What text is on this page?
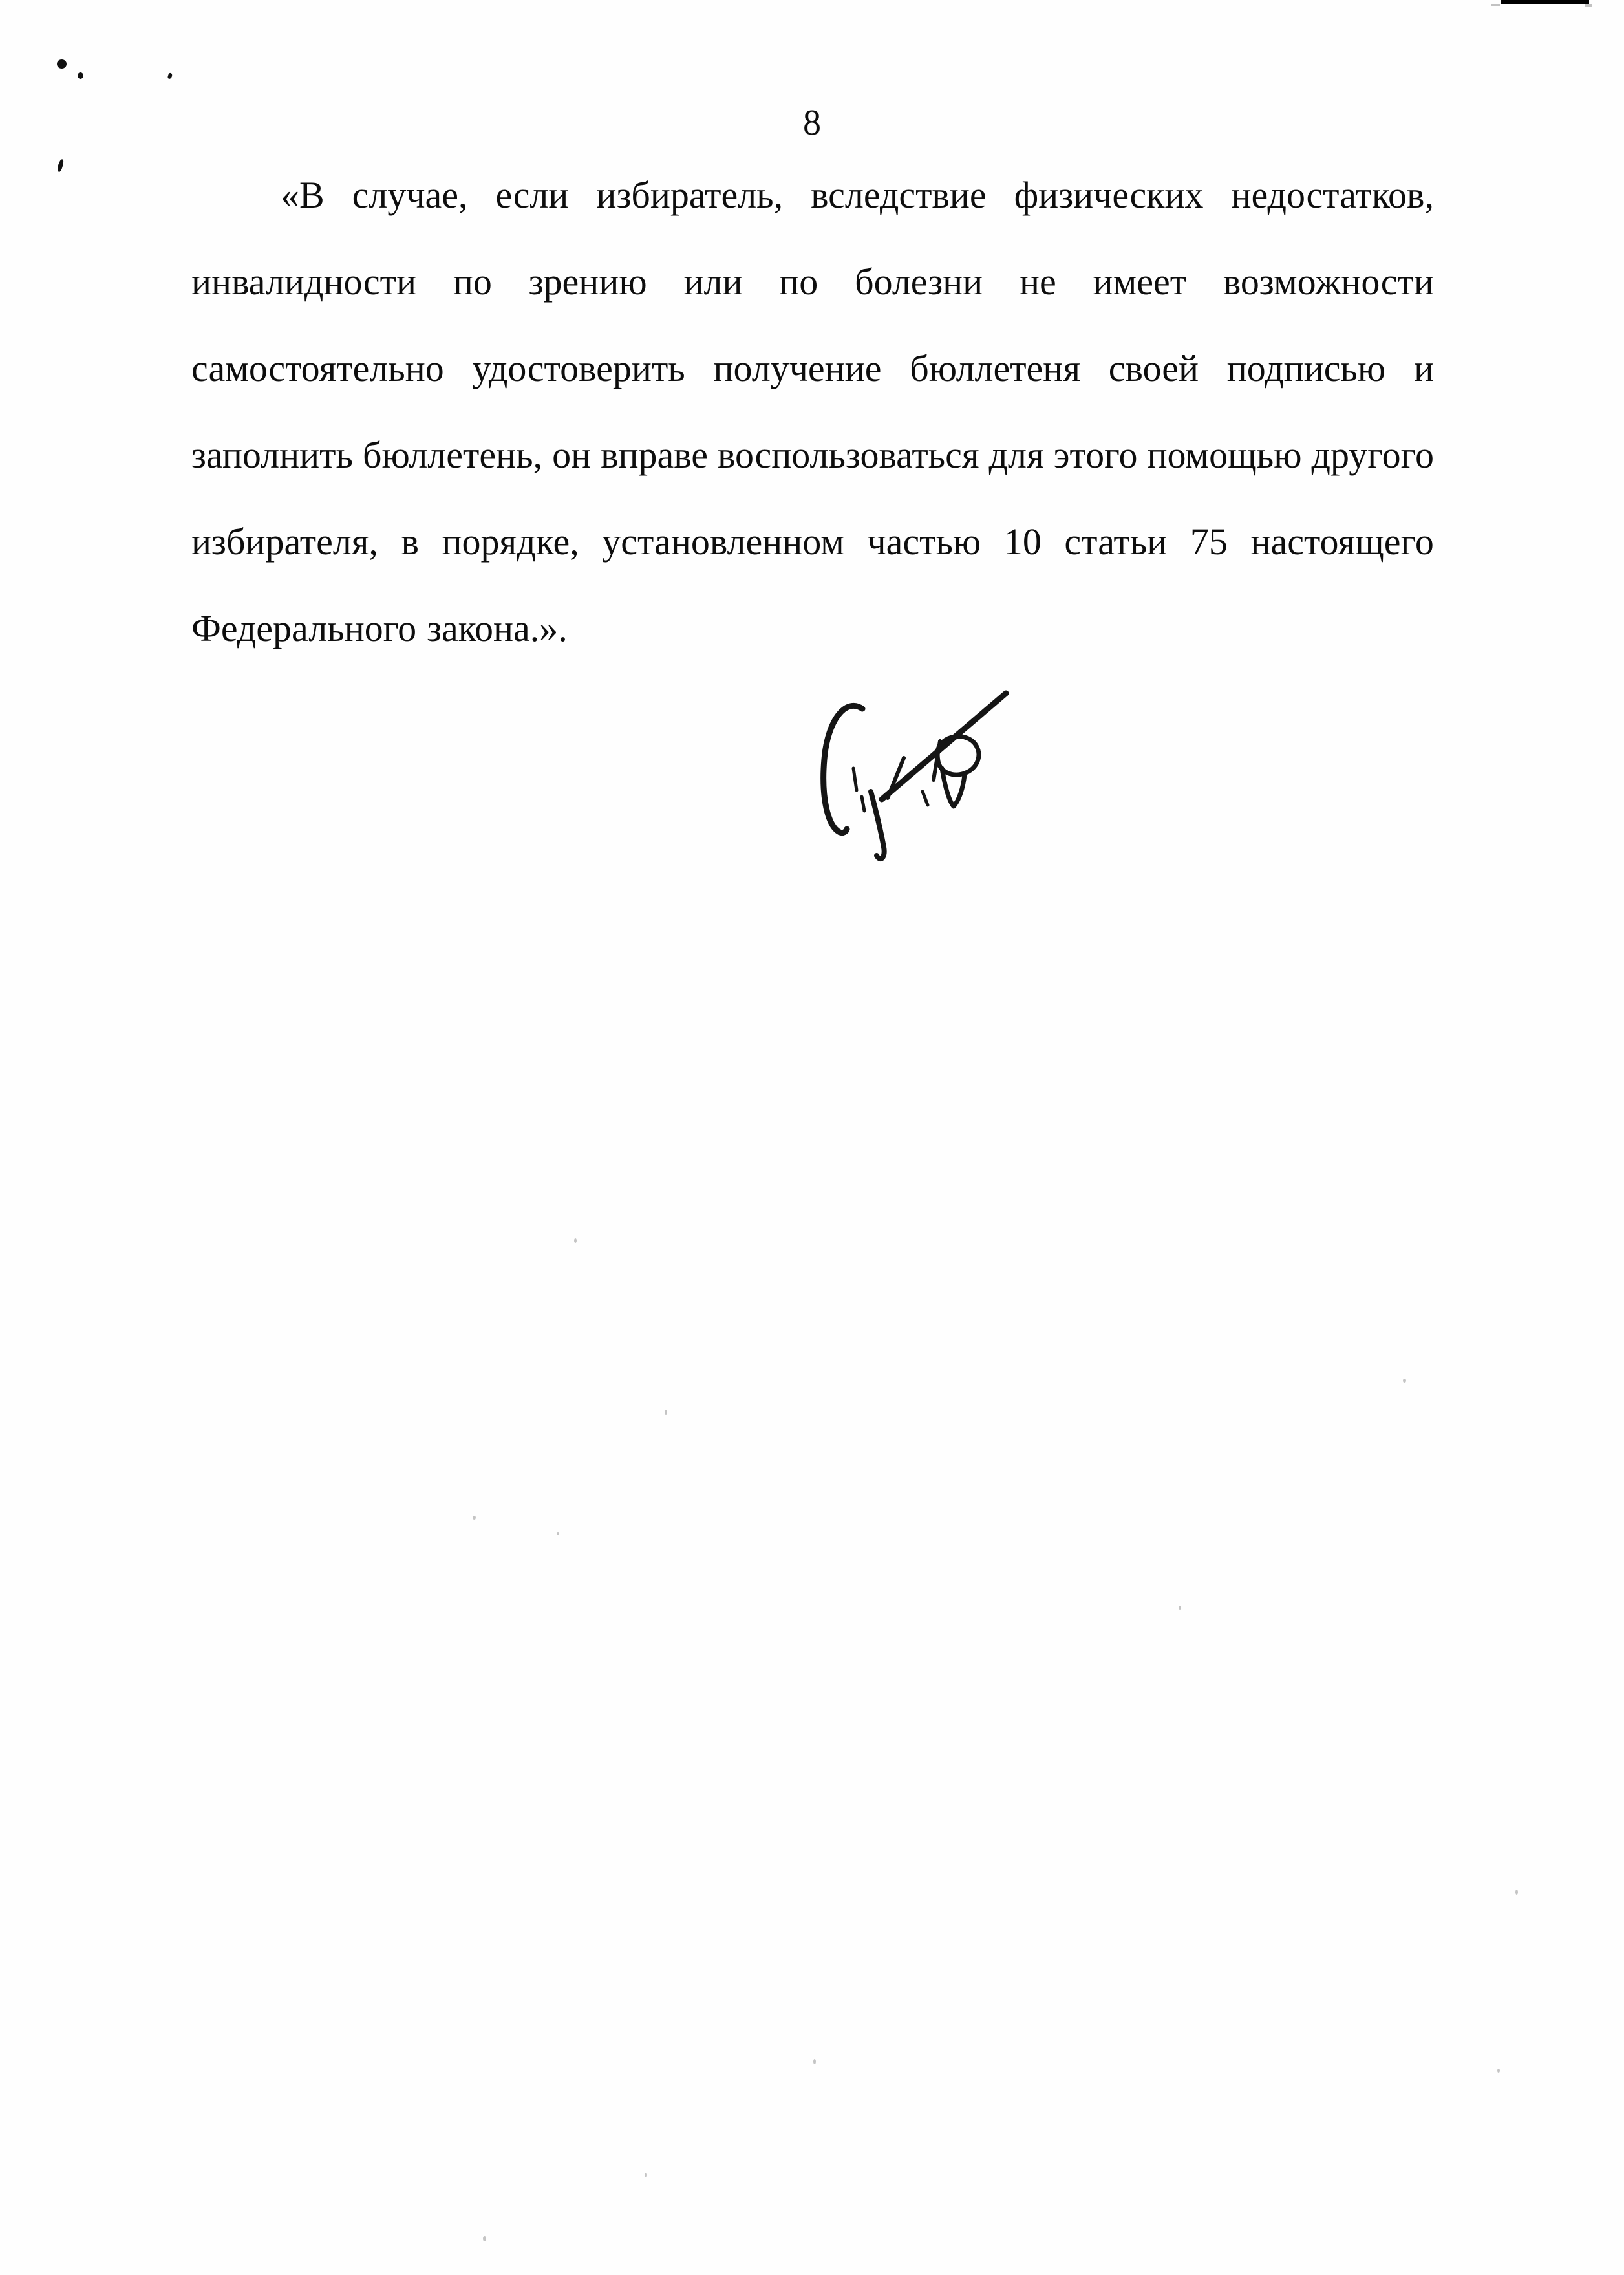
8
«В случае, если избиратель, вследствие физических недостатков,
инвалидности по зрению или по болезни не имеет возможности
самостоятельно удостоверить получение бюллетеня своей подписью и
заполнить бюллетень, он вправе воспользоваться для этого помощью другого
избирателя, в порядке, установленном частью 10 статьи 75 настоящего
Федерального закона.».
